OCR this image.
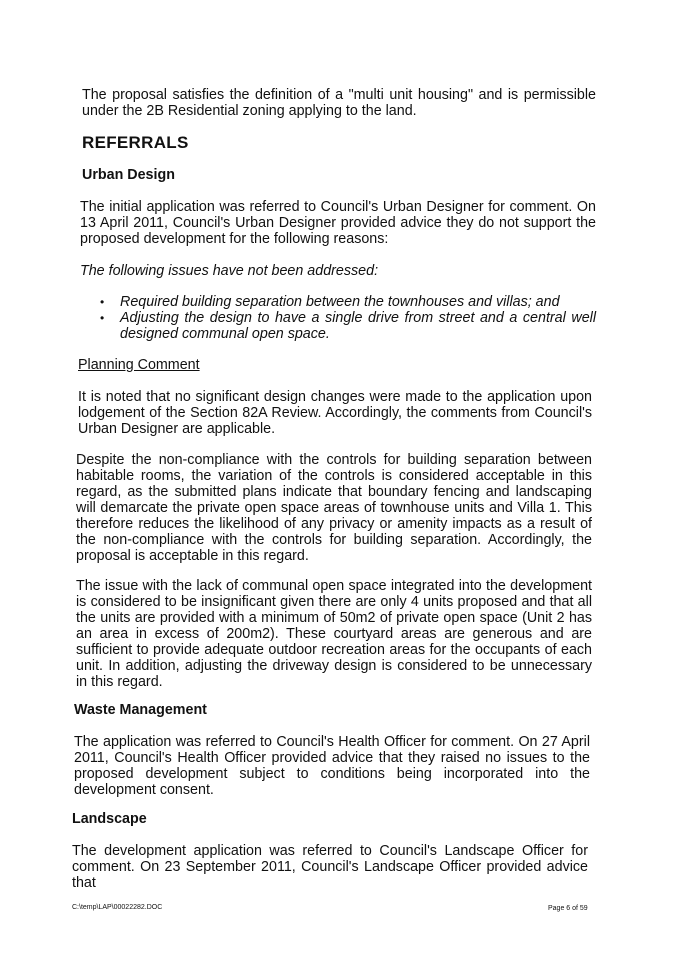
The proposal satisfies the definition of a "multi unit housing" and is permissible under the 2B Residential zoning applying to the land.

REFERRALS
Urban Design

The initial application was referred to Council's Urban Designer for comment. On 13 April 2011, Council's Urban Designer provided advice they do not support the proposed development for the following reasons:

The following issues have not been addressed:

• Required building separation between the townhouses and villas; and
• Adjusting the design to have a single drive from street and a central well designed communal open space.
Planning Comment

It is noted that no significant design changes were made to the application upon lodgement of the Section 82A Review. Accordingly, the comments from Council's Urban Designer are applicable.

Despite the non-compliance with the controls for building separation between habitable rooms, the variation of the controls is considered acceptable in this regard, as the submitted plans indicate that boundary fencing and landscaping will demarcate the private open space areas of townhouse units and Villa 1. This therefore reduces the likelihood of any privacy or amenity impacts as a result of the non-compliance with the controls for building separation. Accordingly, the proposal is acceptable in this regard.

The issue with the lack of communal open space integrated into the development is considered to be insignificant given there are only 4 units proposed and that all the units are provided with a minimum of 50m2 of private open space (Unit 2 has an area in excess of 200m2). These courtyard areas are generous and are sufficient to provide adequate outdoor recreation areas for the occupants of each unit. In addition, adjusting the driveway design is considered to be unnecessary in this regard.

Waste Management

The application was referred to Council's Health Officer for comment. On 27 April 2011, Council's Health Officer provided advice that they raised no issues to the proposed development subject to conditions being incorporated into the development consent.

Landscape

The development application was referred to Council's Landscape Officer for comment. On 23 September 2011, Council's Landscape Officer provided advice that

C:\temp\LAP\00022282.DOC	Page 6 of 59
